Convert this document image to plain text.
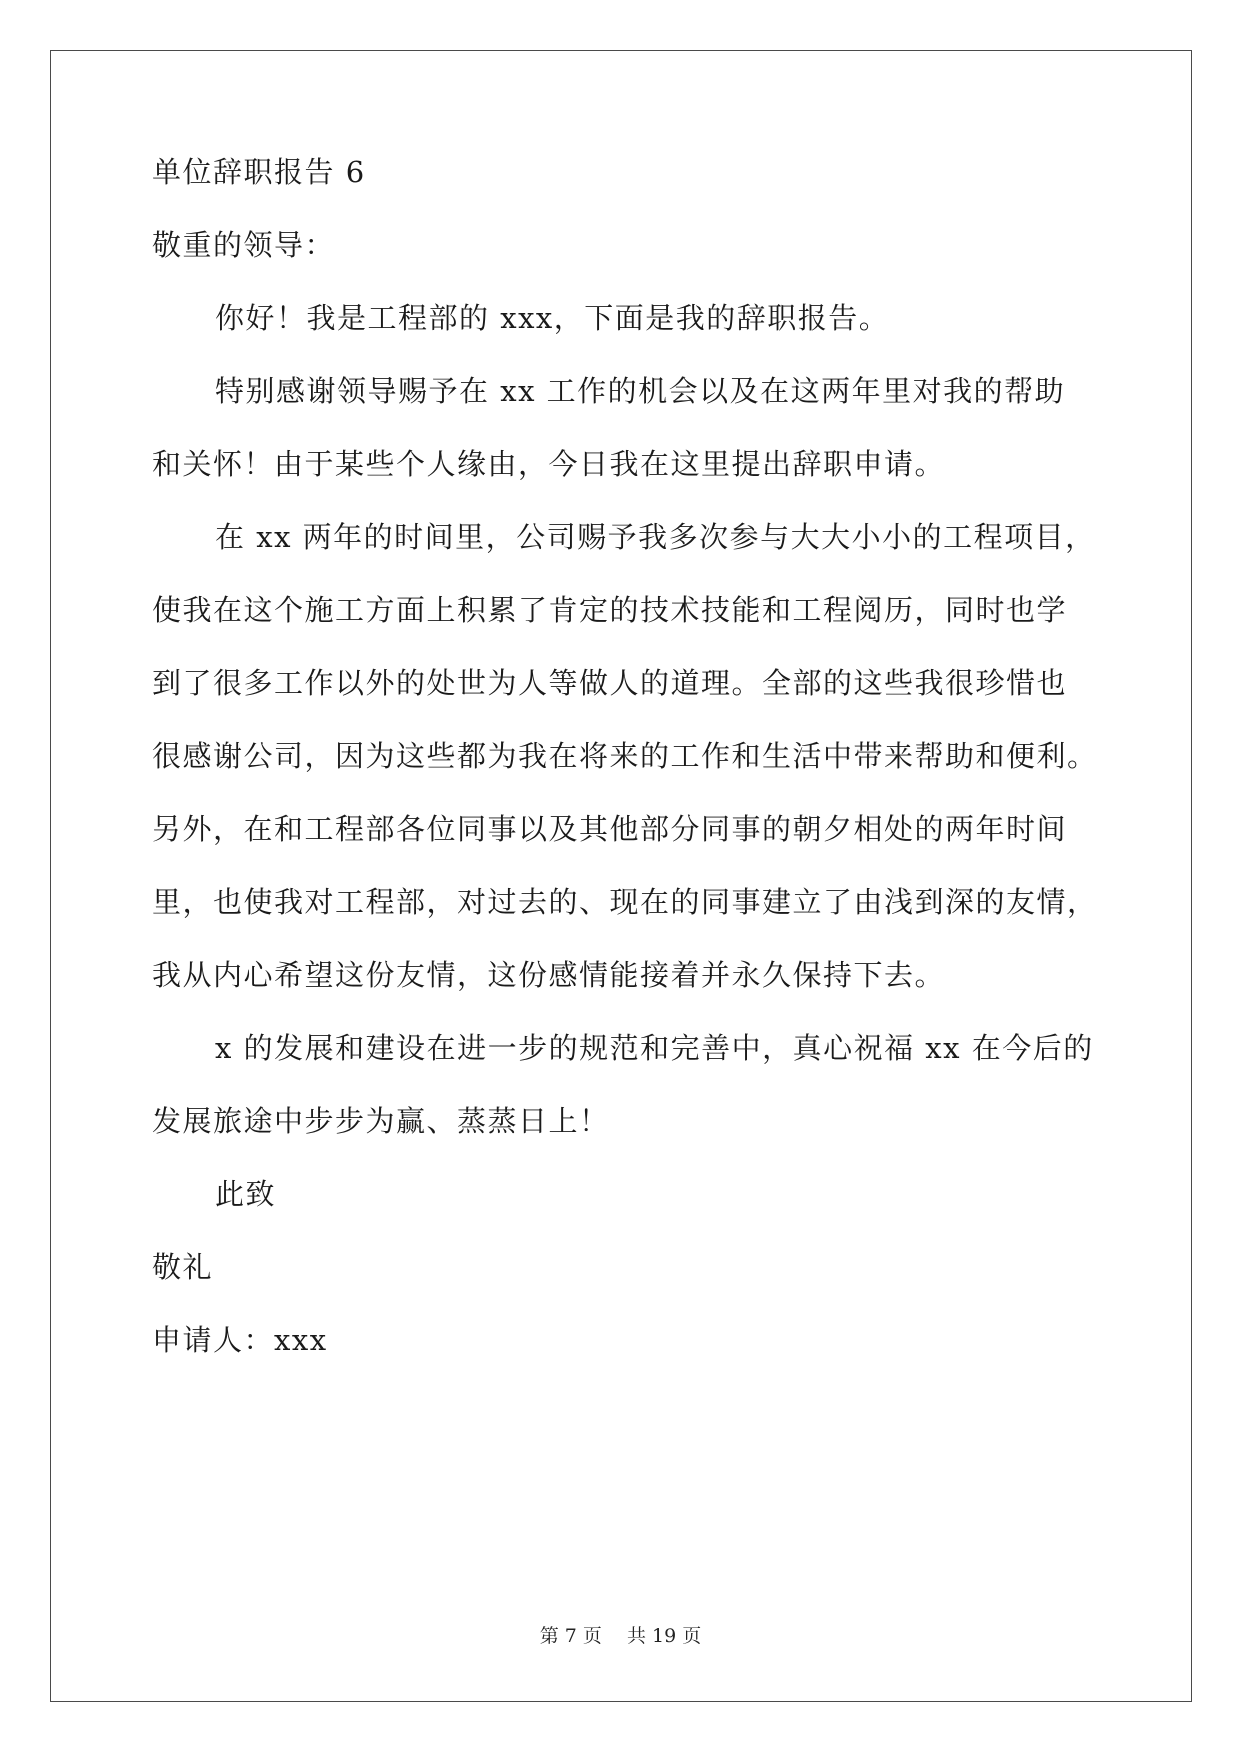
单位辞职报告 6
敬重的领导：
你好！我是工程部的 xxx，下面是我的辞职报告。
特别感谢领导赐予在 xx 工作的机会以及在这两年里对我的帮助
和关怀！由于某些个人缘由，今日我在这里提出辞职申请。
在 xx 两年的时间里，公司赐予我多次参与大大小小的工程项目，
使我在这个施工方面上积累了肯定的技术技能和工程阅历，同时也学
到了很多工作以外的处世为人等做人的道理。全部的这些我很珍惜也
很感谢公司，因为这些都为我在将来的工作和生活中带来帮助和便利。
另外，在和工程部各位同事以及其他部分同事的朝夕相处的两年时间
里，也使我对工程部，对过去的、现在的同事建立了由浅到深的友情，
我从内心希望这份友情，这份感情能接着并永久保持下去。
x 的发展和建设在进一步的规范和完善中，真心祝福 xx 在今后的
发展旅途中步步为赢、蒸蒸日上！
此致
敬礼
申请人：xxx
第 7 页　 共 19 页
